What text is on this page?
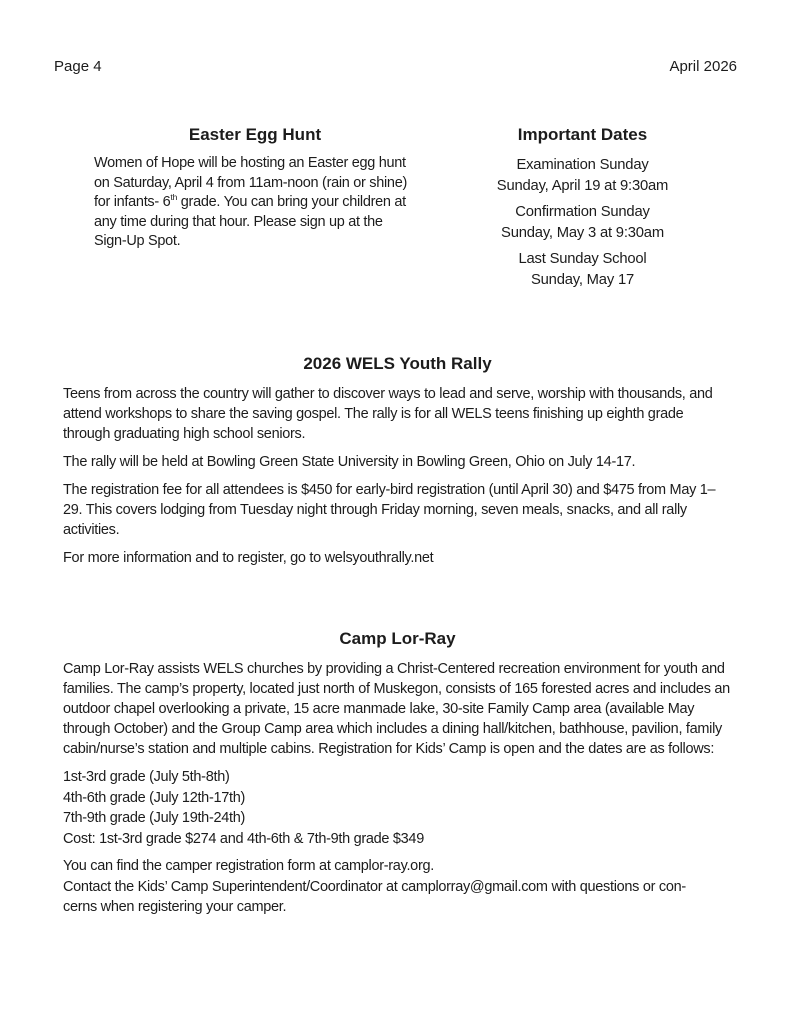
Page 4	April 2026
Easter Egg Hunt

Women of Hope will be hosting an Easter egg hunt on Saturday, April 4 from 11am-noon (rain or shine) for infants- 6th grade. You can bring your children at any time during that hour. Please sign up at the Sign-Up Spot.

Important Dates
Examination Sunday
Sunday, April 19 at 9:30am
Confirmation Sunday
Sunday, May 3 at 9:30am
Last Sunday School
Sunday, May 17
2026 WELS Youth Rally

Teens from across the country will gather to discover ways to lead and serve, worship with thousands, and attend workshops to share the saving gospel. The rally is for all WELS teens finishing up eighth grade through graduating high school seniors.

The rally will be held at Bowling Green State University in Bowling Green, Ohio on July 14-17.

The registration fee for all attendees is $450 for early-bird registration (until April 30) and $475 from May 1–29. This covers lodging from Tuesday night through Friday morning, seven meals, snacks, and all rally activities.

For more information and to register, go to welsyouthrally.net

Camp Lor-Ray

Camp Lor-Ray assists WELS churches by providing a Christ-Centered recreation environment for youth and families. The camp’s property, located just north of Muskegon, consists of 165 forested acres and includes an outdoor chapel overlooking a private, 15 acre manmade lake, 30-site Family Camp area (available May through October) and the Group Camp area which includes a dining hall/kitchen, bathhouse, pavilion, family cabin/nurse’s station and multiple cabins. Registration for Kids’ Camp is open and the dates are as follows:

1st-3rd grade (July 5th-8th)
4th-6th grade (July 12th-17th)
7th-9th grade (July 19th-24th)
Cost: 1st-3rd grade $274 and 4th-6th & 7th-9th grade $349
You can find the camper registration form at camplor-ray.org.
Contact the Kids’ Camp Superintendent/Coordinator at camplorray@gmail.com with questions or con-
cerns when registering your camper.
